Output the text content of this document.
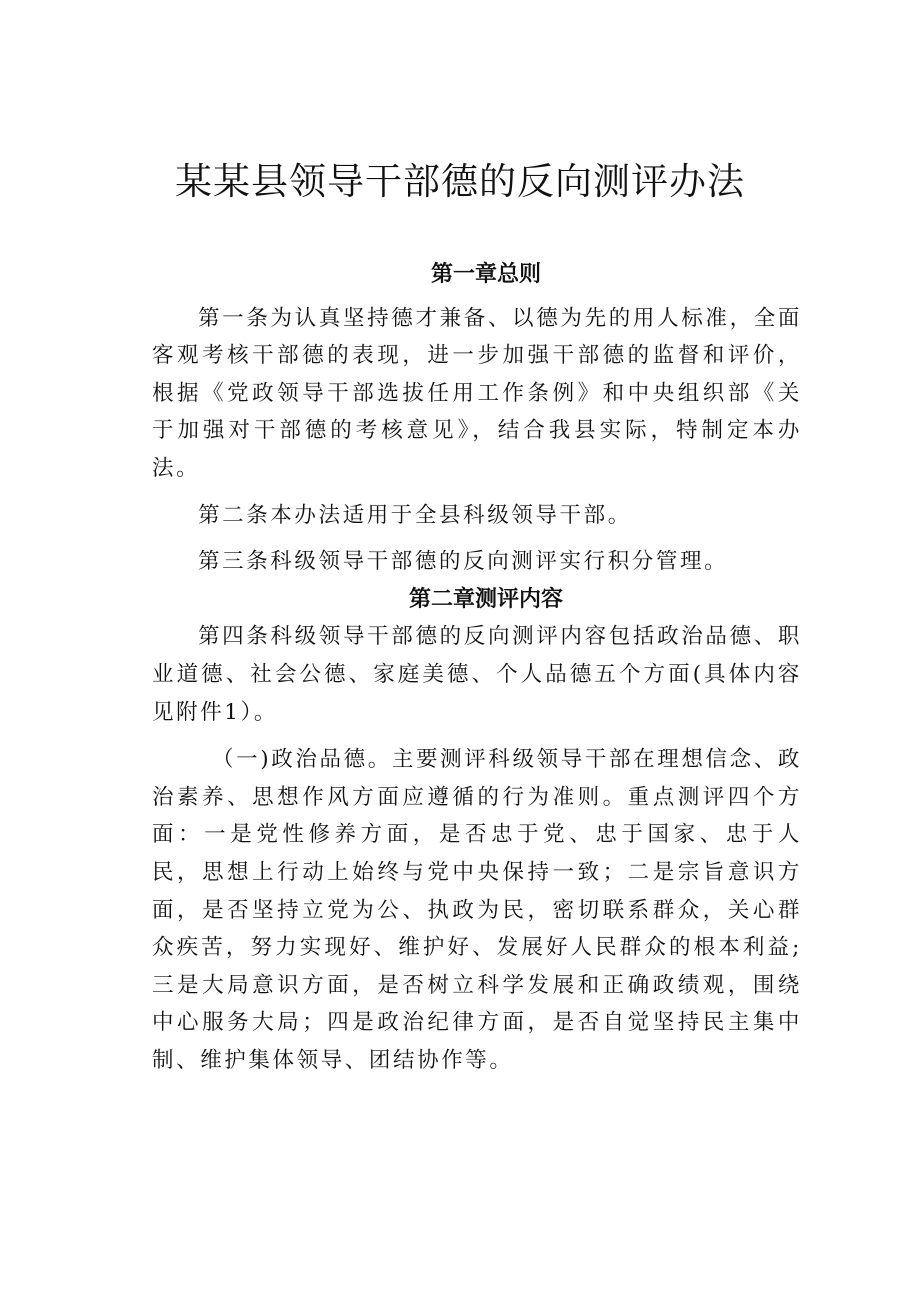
某某县领导干部德的反向测评办法
第一章总则

第一条为认真坚持德才兼备、以德为先的用人标准，全面客观考核干部德的表现，进一步加强干部德的监督和评价，根据《党政领导干部选拔任用工作条例》和中央组织部《关于加强对干部德的考核意见》，结合我县实际，特制定本办法。

第二条本办法适用于全县科级领导干部。

第三条科级领导干部德的反向测评实行积分管理。

第二章测评内容

第四条科级领导干部德的反向测评内容包括政治品德、职业道德、社会公德、家庭美德、个人品德五个方面(具体内容见附件1）。

（一)政治品德。主要测评科级领导干部在理想信念、政治素养、思想作风方面应遵循的行为准则。重点测评四个方面：一是党性修养方面，是否忠于党、忠于国家、忠于人民，思想上行动上始终与党中央保持一致；二是宗旨意识方面，是否坚持立党为公、执政为民，密切联系群众，关心群众疾苦，努力实现好、维护好、发展好人民群众的根本利益;三是大局意识方面，是否树立科学发展和正确政绩观，围绕中心服务大局；四是政治纪律方面，是否自觉坚持民主集中制、维护集体领导、团结协作等。
